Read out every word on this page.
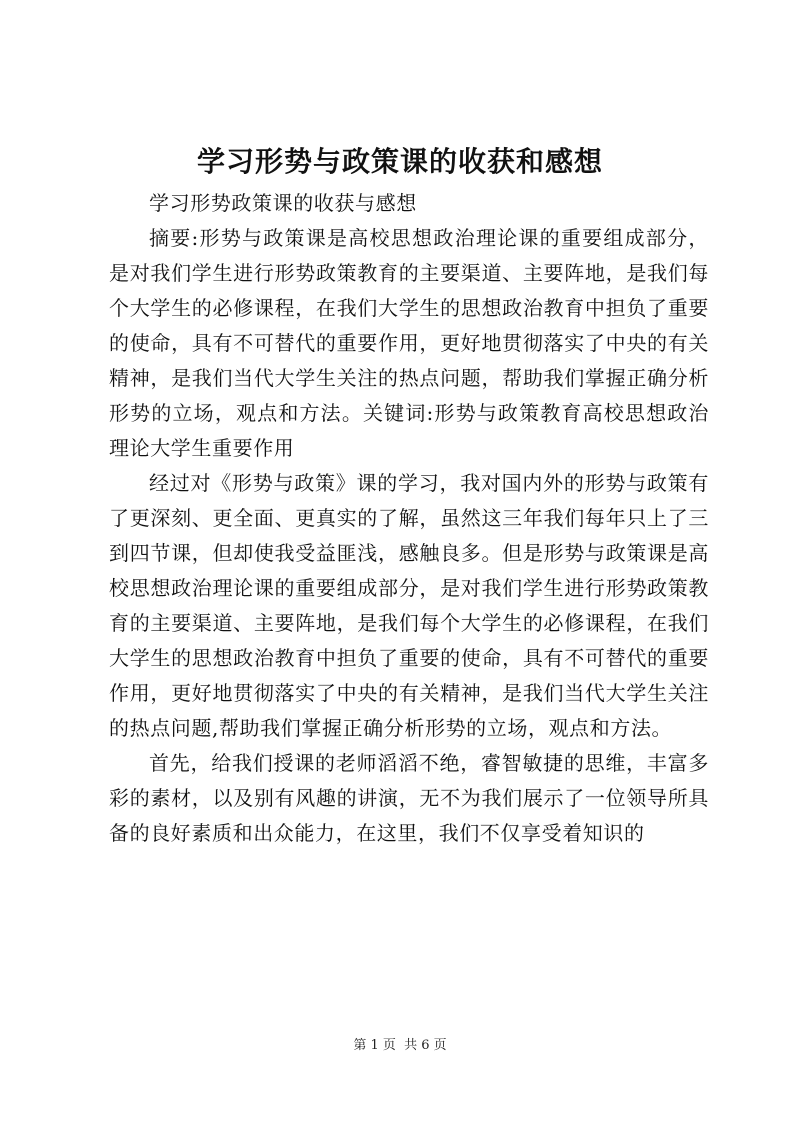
学习形势与政策课的收获和感想

学习形势政策课的收获与感想

摘要:形势与政策课是高校思想政治理论课的重要组成部分，是对我们学生进行形势政策教育的主要渠道、主要阵地，是我们每个大学生的必修课程，在我们大学生的思想政治教育中担负了重要的使命，具有不可替代的重要作用，更好地贯彻落实了中央的有关精神，是我们当代大学生关注的热点问题，帮助我们掌握正确分析形势的立场，观点和方法。关键词:形势与政策教育高校思想政治理论大学生重要作用

经过对《形势与政策》课的学习，我对国内外的形势与政策有了更深刻、更全面、更真实的了解，虽然这三年我们每年只上了三到四节课，但却使我受益匪浅，感触良多。但是形势与政策课是高校思想政治理论课的重要组成部分，是对我们学生进行形势政策教育的主要渠道、主要阵地，是我们每个大学生的必修课程，在我们大学生的思想政治教育中担负了重要的使命，具有不可替代的重要作用，更好地贯彻落实了中央的有关精神，是我们当代大学生关注的热点问题,帮助我们掌握正确分析形势的立场，观点和方法。

首先，给我们授课的老师滔滔不绝，睿智敏捷的思维，丰富多彩的素材，以及别有风趣的讲演，无不为我们展示了一位领导所具备的良好素质和出众能力，在这里，我们不仅享受着知识的

第 1 页  共 6 页
